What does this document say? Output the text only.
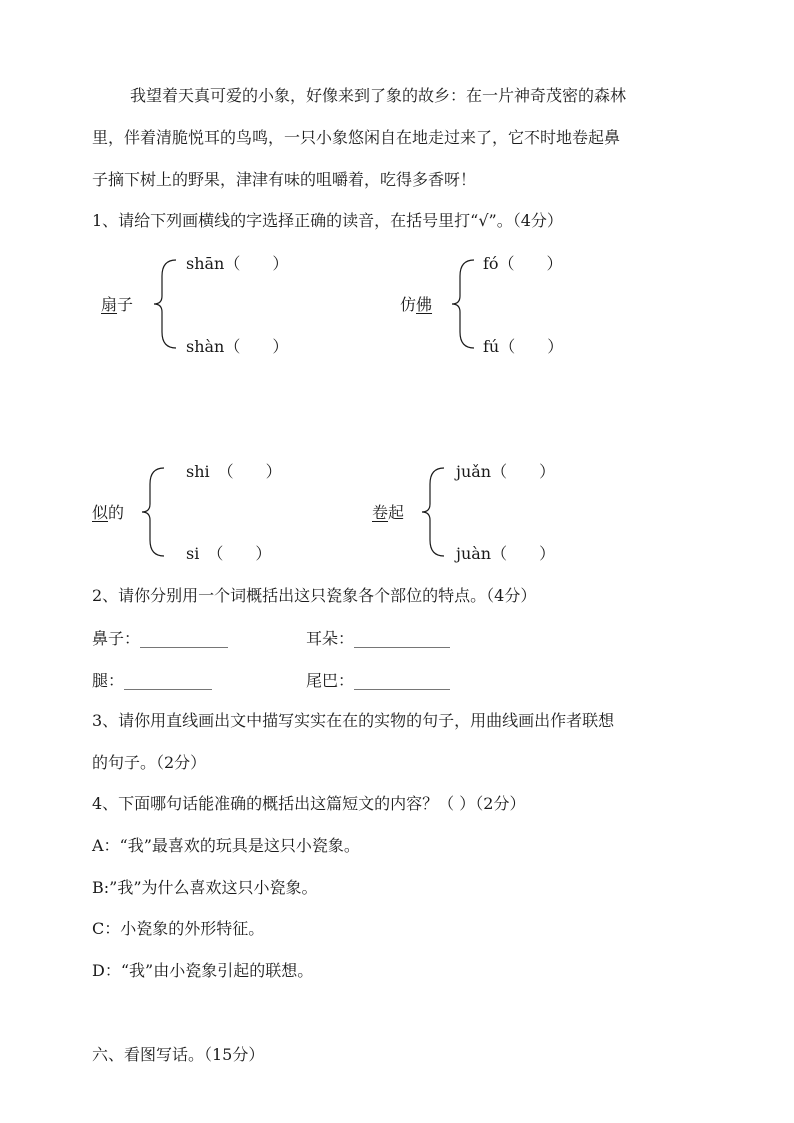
我望着天真可爱的小象，好像来到了象的故乡：在一片神奇茂密的森林
里，伴着清脆悦耳的鸟鸣，一只小象悠闲自在地走过来了，它不时地卷起鼻
子摘下树上的野果，津津有味的咀嚼着，吃得多香呀！
1、请给下列画横线的字选择正确的读音，在括号里打“√”。（4分）
扇子
shān（　　）
shàn（　　）
仿佛
fó（　　）
fú（　　）
似的
shi　（　　）
si　（　　）
卷起
juǎn（　　）
juàn（　　）
2、请你分别用一个词概括出这只瓷象各个部位的特点。（4分）
鼻子：___________	耳朵：____________
腿：___________	尾巴：____________
3、请你用直线画出文中描写实实在在的实物的句子，用曲线画出作者联想
的句子。（2分）
4、下面哪句话能准确的概括出这篇短文的内容？（ ）（2分）
A：“我”最喜欢的玩具是这只小瓷象。
B:”我”为什么喜欢这只小瓷象。
C：小瓷象的外形特征。
D：“我”由小瓷象引起的联想。
六、看图写话。（15分）
